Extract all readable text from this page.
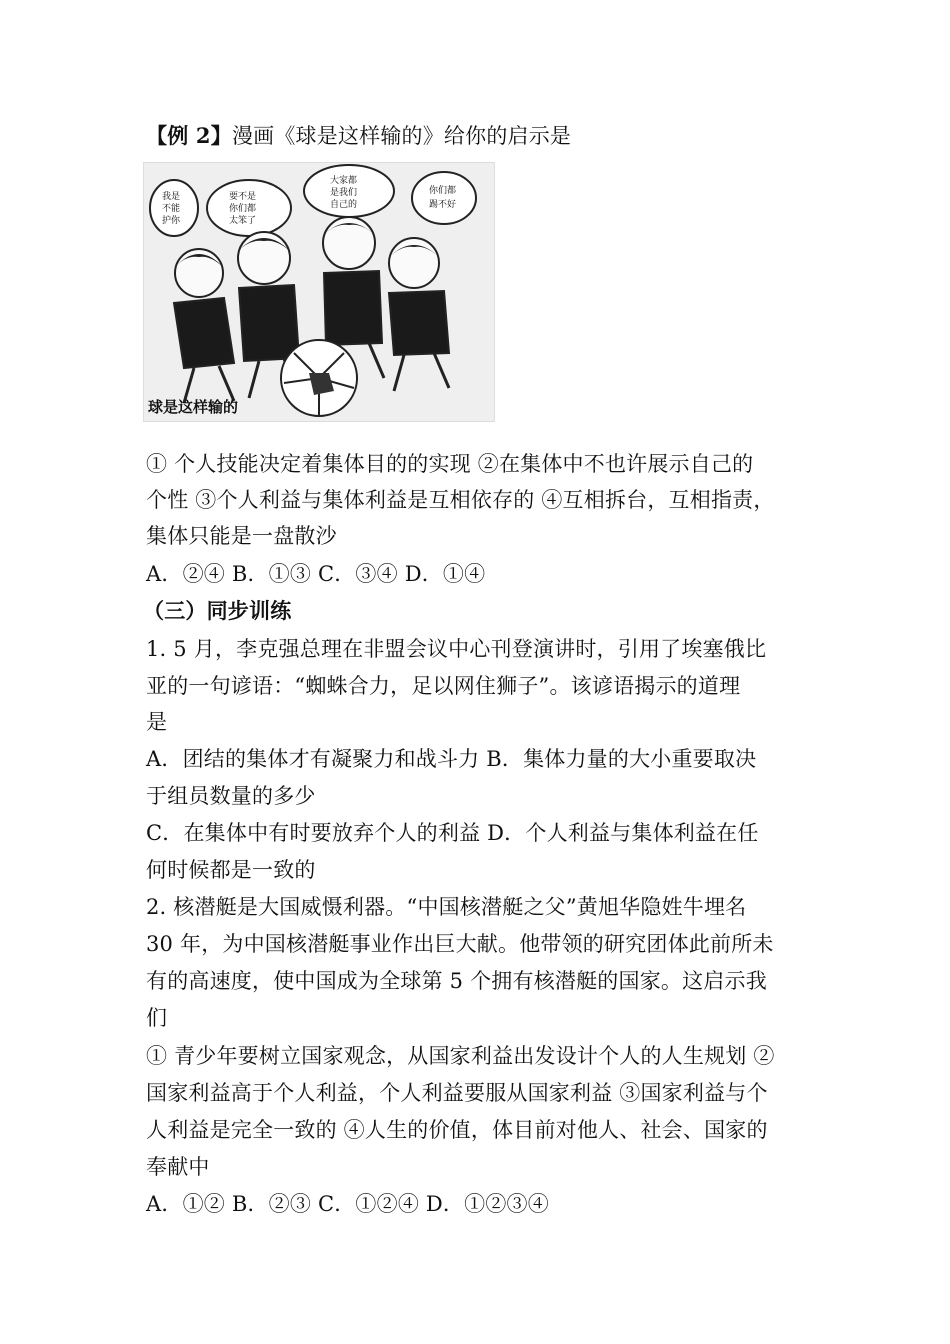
【例 2】漫画《球是这样输的》给你的启示是
我是
不能
护你
要不是
你们都
太笨了
大家都
是我们
自己的
你们都
踢不好
球是这样输的
① 个人技能决定着集体目的的实现 ②在集体中不也许展示自己的
个性 ③个人利益与集体利益是互相依存的 ④互相拆台，互相指责，
集体只能是一盘散沙
A．②④ B．①③ C．③④ D．①④
（三）同步训练
1. 5 月，李克强总理在非盟会议中心刊登演讲时，引用了埃塞俄比
亚的一句谚语：“蜘蛛合力，足以网住狮子”。该谚语揭示的道理
是
A．团结的集体才有凝聚力和战斗力 B．集体力量的大小重要取决
于组员数量的多少
C．在集体中有时要放弃个人的利益 D．个人利益与集体利益在任
何时候都是一致的
2. 核潜艇是大国威慑利器。“中国核潜艇之父”黄旭华隐姓牛埋名
30 年，为中国核潜艇事业作出巨大献。他带领的研究团体此前所未
有的高速度，使中国成为全球第 5 个拥有核潜艇的国家。这启示我
们
① 青少年要树立国家观念，从国家利益出发设计个人的人生规划 ②
国家利益高于个人利益，个人利益要服从国家利益 ③国家利益与个
人利益是完全一致的 ④人生的价值，体目前对他人、社会、国家的
奉献中
A．①② B．②③ C．①②④ D．①②③④
